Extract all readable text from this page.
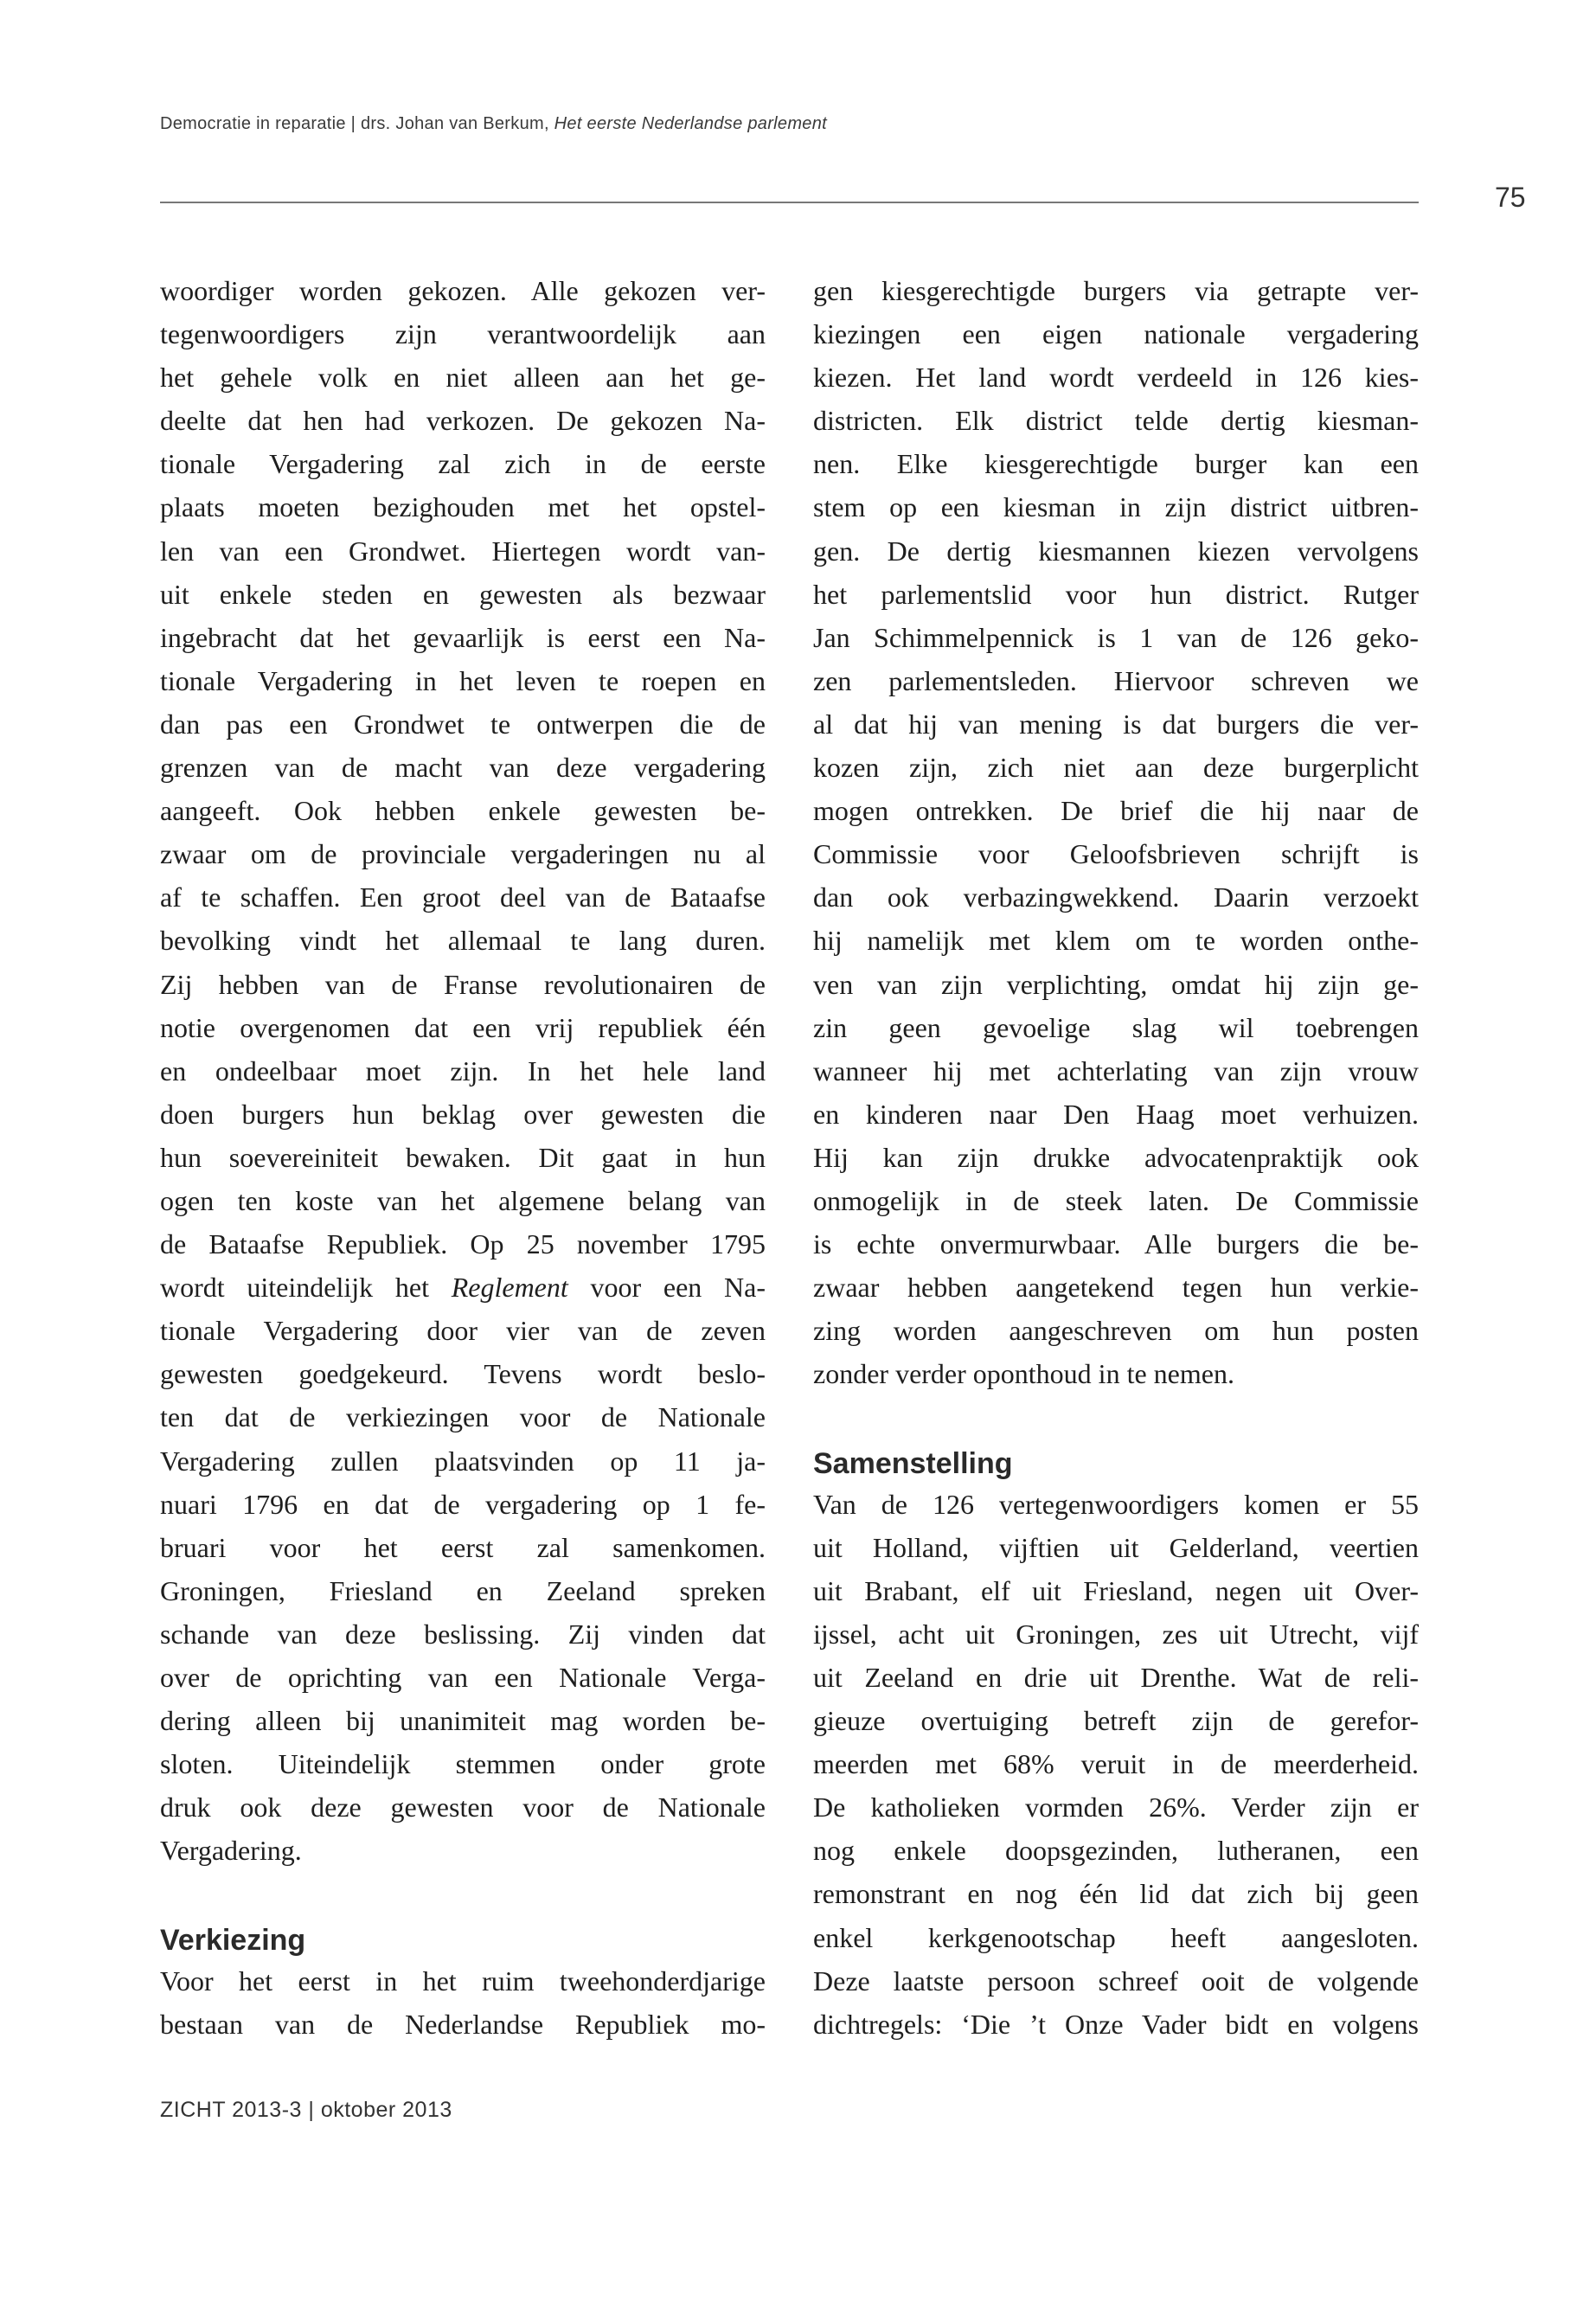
Democratie in reparatie | drs. Johan van Berkum, Het eerste Nederlandse parlement
75
woordiger worden gekozen. Alle gekozen ver-
tegenwoordigers zijn verantwoordelijk aan
het gehele volk en niet alleen aan het ge-
deelte dat hen had verkozen. De gekozen Na-
tionale Vergadering zal zich in de eerste
plaats moeten bezighouden met het opstel-
len van een Grondwet. Hiertegen wordt van-
uit enkele steden en gewesten als bezwaar
ingebracht dat het gevaarlijk is eerst een Na-
tionale Vergadering in het leven te roepen en
dan pas een Grondwet te ontwerpen die de
grenzen van de macht van deze vergadering
aangeeft. Ook hebben enkele gewesten be-
zwaar om de provinciale vergaderingen nu al
af te schaffen. Een groot deel van de Bataafse
bevolking vindt het allemaal te lang duren.
Zij hebben van de Franse revolutionairen de
notie overgenomen dat een vrij republiek één
en ondeelbaar moet zijn. In het hele land
doen burgers hun beklag over gewesten die
hun soevereiniteit bewaken. Dit gaat in hun
ogen ten koste van het algemene belang van
de Bataafse Republiek. Op 25 november 1795
wordt uiteindelijk het Reglement voor een Na-
tionale Vergadering door vier van de zeven
gewesten goedgekeurd. Tevens wordt beslo-
ten dat de verkiezingen voor de Nationale
Vergadering zullen plaatsvinden op 11 ja-
nuari 1796 en dat de vergadering op 1 fe-
bruari voor het eerst zal samenkomen.
Groningen, Friesland en Zeeland spreken
schande van deze beslissing. Zij vinden dat
over de oprichting van een Nationale Verga-
dering alleen bij unanimiteit mag worden be-
sloten. Uiteindelijk stemmen onder grote
druk ook deze gewesten voor de Nationale
Vergadering.
Verkiezing
Voor het eerst in het ruim tweehonderdjarige
bestaan van de Nederlandse Republiek mo-
gen kiesgerechtigde burgers via getrapte ver-
kiezingen een eigen nationale vergadering
kiezen. Het land wordt verdeeld in 126 kies-
districten. Elk district telde dertig kiesman-
nen. Elke kiesgerechtigde burger kan een
stem op een kiesman in zijn district uitbren-
gen. De dertig kiesmannen kiezen vervolgens
het parlementslid voor hun district. Rutger
Jan Schimmelpennick is 1 van de 126 geko-
zen parlementsleden. Hiervoor schreven we
al dat hij van mening is dat burgers die ver-
kozen zijn, zich niet aan deze burgerplicht
mogen ontrekken. De brief die hij naar de
Commissie voor Geloofsbrieven schrijft is
dan ook verbazingwekkend. Daarin verzoekt
hij namelijk met klem om te worden onthe-
ven van zijn verplichting, omdat hij zijn ge-
zin geen gevoelige slag wil toebrengen
wanneer hij met achterlating van zijn vrouw
en kinderen naar Den Haag moet verhuizen.
Hij kan zijn drukke advocatenpraktijk ook
onmogelijk in de steek laten. De Commissie
is echte onvermurwbaar. Alle burgers die be-
zwaar hebben aangetekend tegen hun verkie-
zing worden aangeschreven om hun posten
zonder verder oponthoud in te nemen.
Samenstelling
Van de 126 vertegenwoordigers komen er 55
uit Holland, vijftien uit Gelderland, veertien
uit Brabant, elf uit Friesland, negen uit Over-
ijssel, acht uit Groningen, zes uit Utrecht, vijf
uit Zeeland en drie uit Drenthe. Wat de reli-
gieuze overtuiging betreft zijn de gerefor-
meerden met 68% veruit in de meerderheid.
De katholieken vormden 26%. Verder zijn er
nog enkele doopsgezinden, lutheranen, een
remonstrant en nog één lid dat zich bij geen
enkel kerkgenootschap heeft aangesloten.
Deze laatste persoon schreef ooit de volgende
dichtregels: ‘Die ’t Onze Vader bidt en volgens
ZICHT 2013-3 | oktober 2013
